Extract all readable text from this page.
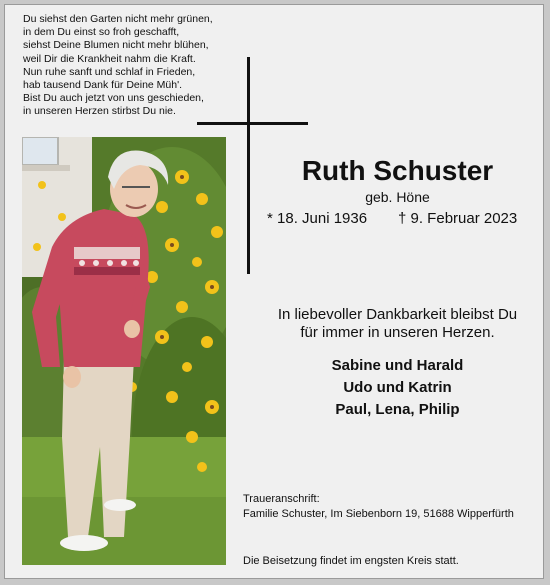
Du siehst den Garten nicht mehr grünen,
in dem Du einst so froh geschafft,
siehst Deine Blumen nicht mehr blühen,
weil Dir die Krankheit nahm die Kraft.
Nun ruhe sanft und schlaf in Frieden,
hab tausend Dank für Deine Müh'.
Bist Du auch jetzt von uns geschieden,
in unseren Herzen stirbst Du nie.
Ruth Schuster
geb. Höne
* 18. Juni 1936 † 9. Februar 2023
In liebevoller Dankbarkeit bleibst Du
für immer in unseren Herzen.
Sabine und Harald
Udo und Katrin
Paul, Lena, Philip
Traueranschrift:
Familie Schuster, Im Siebenborn 19, 51688 Wipperfürth
Die Beisetzung findet im engsten Kreis statt.
